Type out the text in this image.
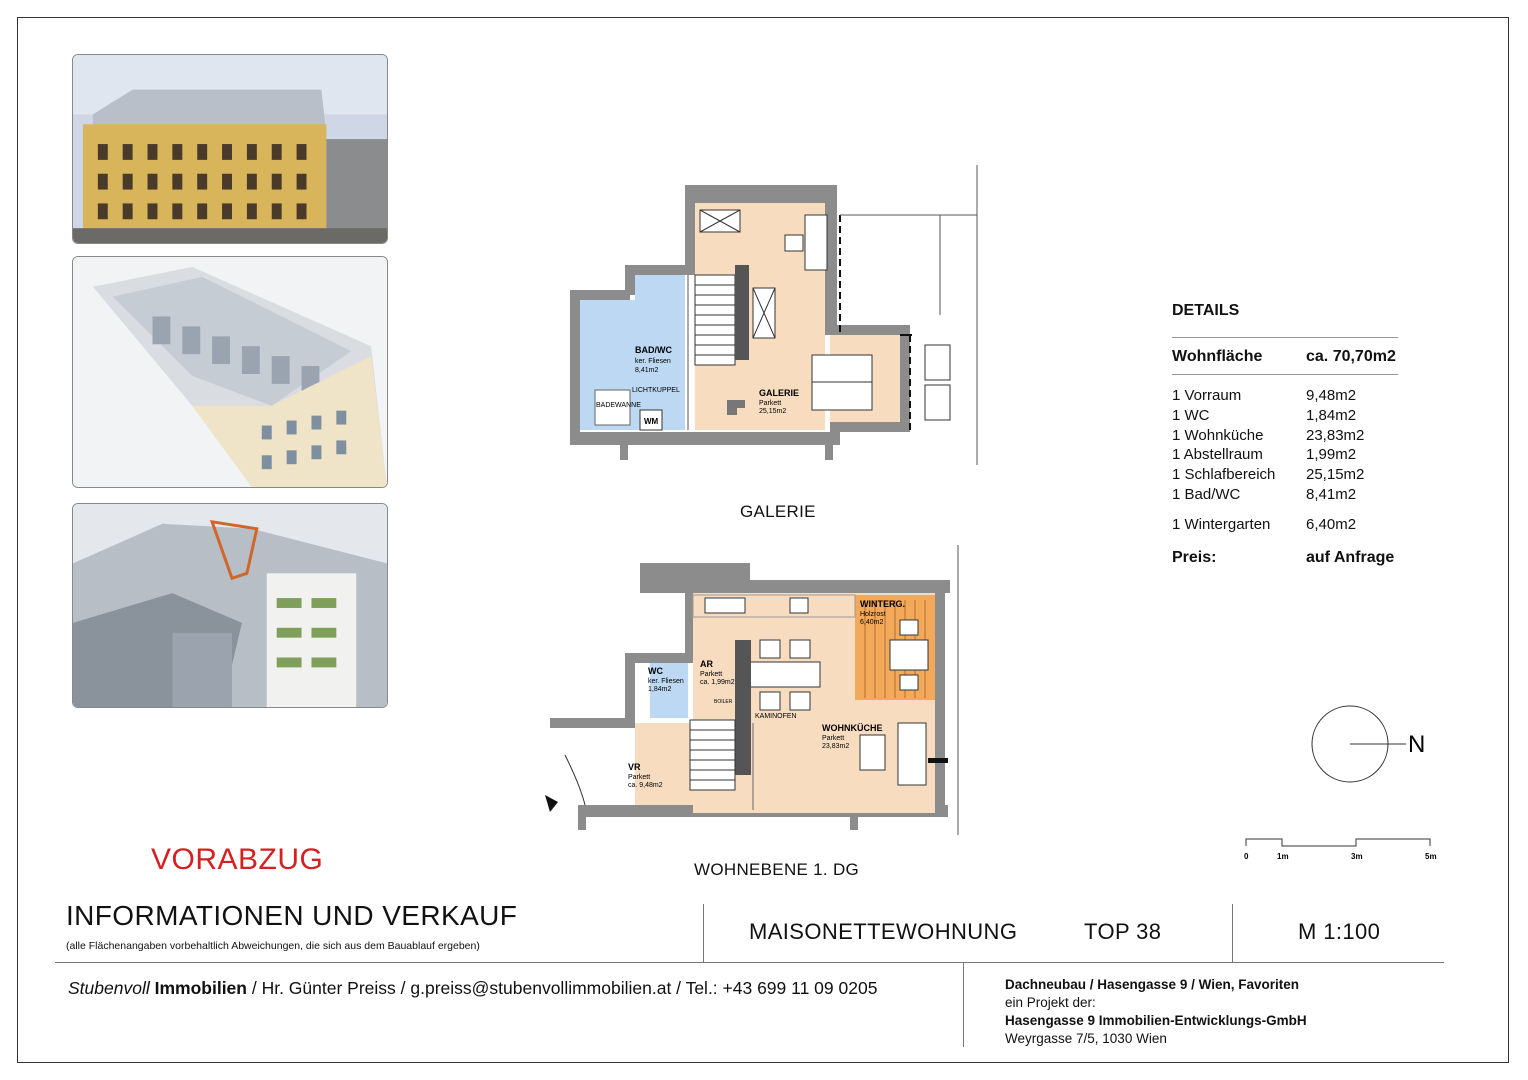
BAD/WC
ker. Fliesen
8,41m2
LICHTKUPPEL
BADEWANNE
WM
GALERIE
Parkett
25,15m2
GALERIE
WINTERG.
Holzrost
6,40m2
WC
ker. Fliesen
1,84m2
AR
Parkett
ca. 1,99m2
BOILER
KAMINOFEN
WOHNKÜCHE
Parkett
23,83m2
VR
Parkett
ca. 9,48m2
WOHNEBENE 1. DG
DETAILS
Wohnfläche	ca. 70,70m2
1 Vorraum	9,48m2
1 WC	1,84m2
1 Wohnküche	23,83m2
1 Abstellraum	1,99m2
1 Schlafbereich	25,15m2
1 Bad/WC	8,41m2
1 Wintergarten	6,40m2
Preis:	auf Anfrage
N
0	1m	3m	5m
VORABZUG
INFORMATIONEN UND VERKAUF
(alle Flächenangaben vorbehaltlich Abweichungen, die sich aus dem Bauablauf ergeben)
MAISONETTEWOHNUNG	TOP 38	M 1:100
Stubenvoll Immobilien / Hr. Günter Preiss / g.preiss@stubenvollimmobilien.at / Tel.: +43 699 11 09 0205	Dachneubau / Hasengasse 9 / Wien, Favoriten
ein Projekt der:
Hasengasse 9 Immobilien-Entwicklungs-GmbH
Weyrgasse 7/5, 1030 Wien
